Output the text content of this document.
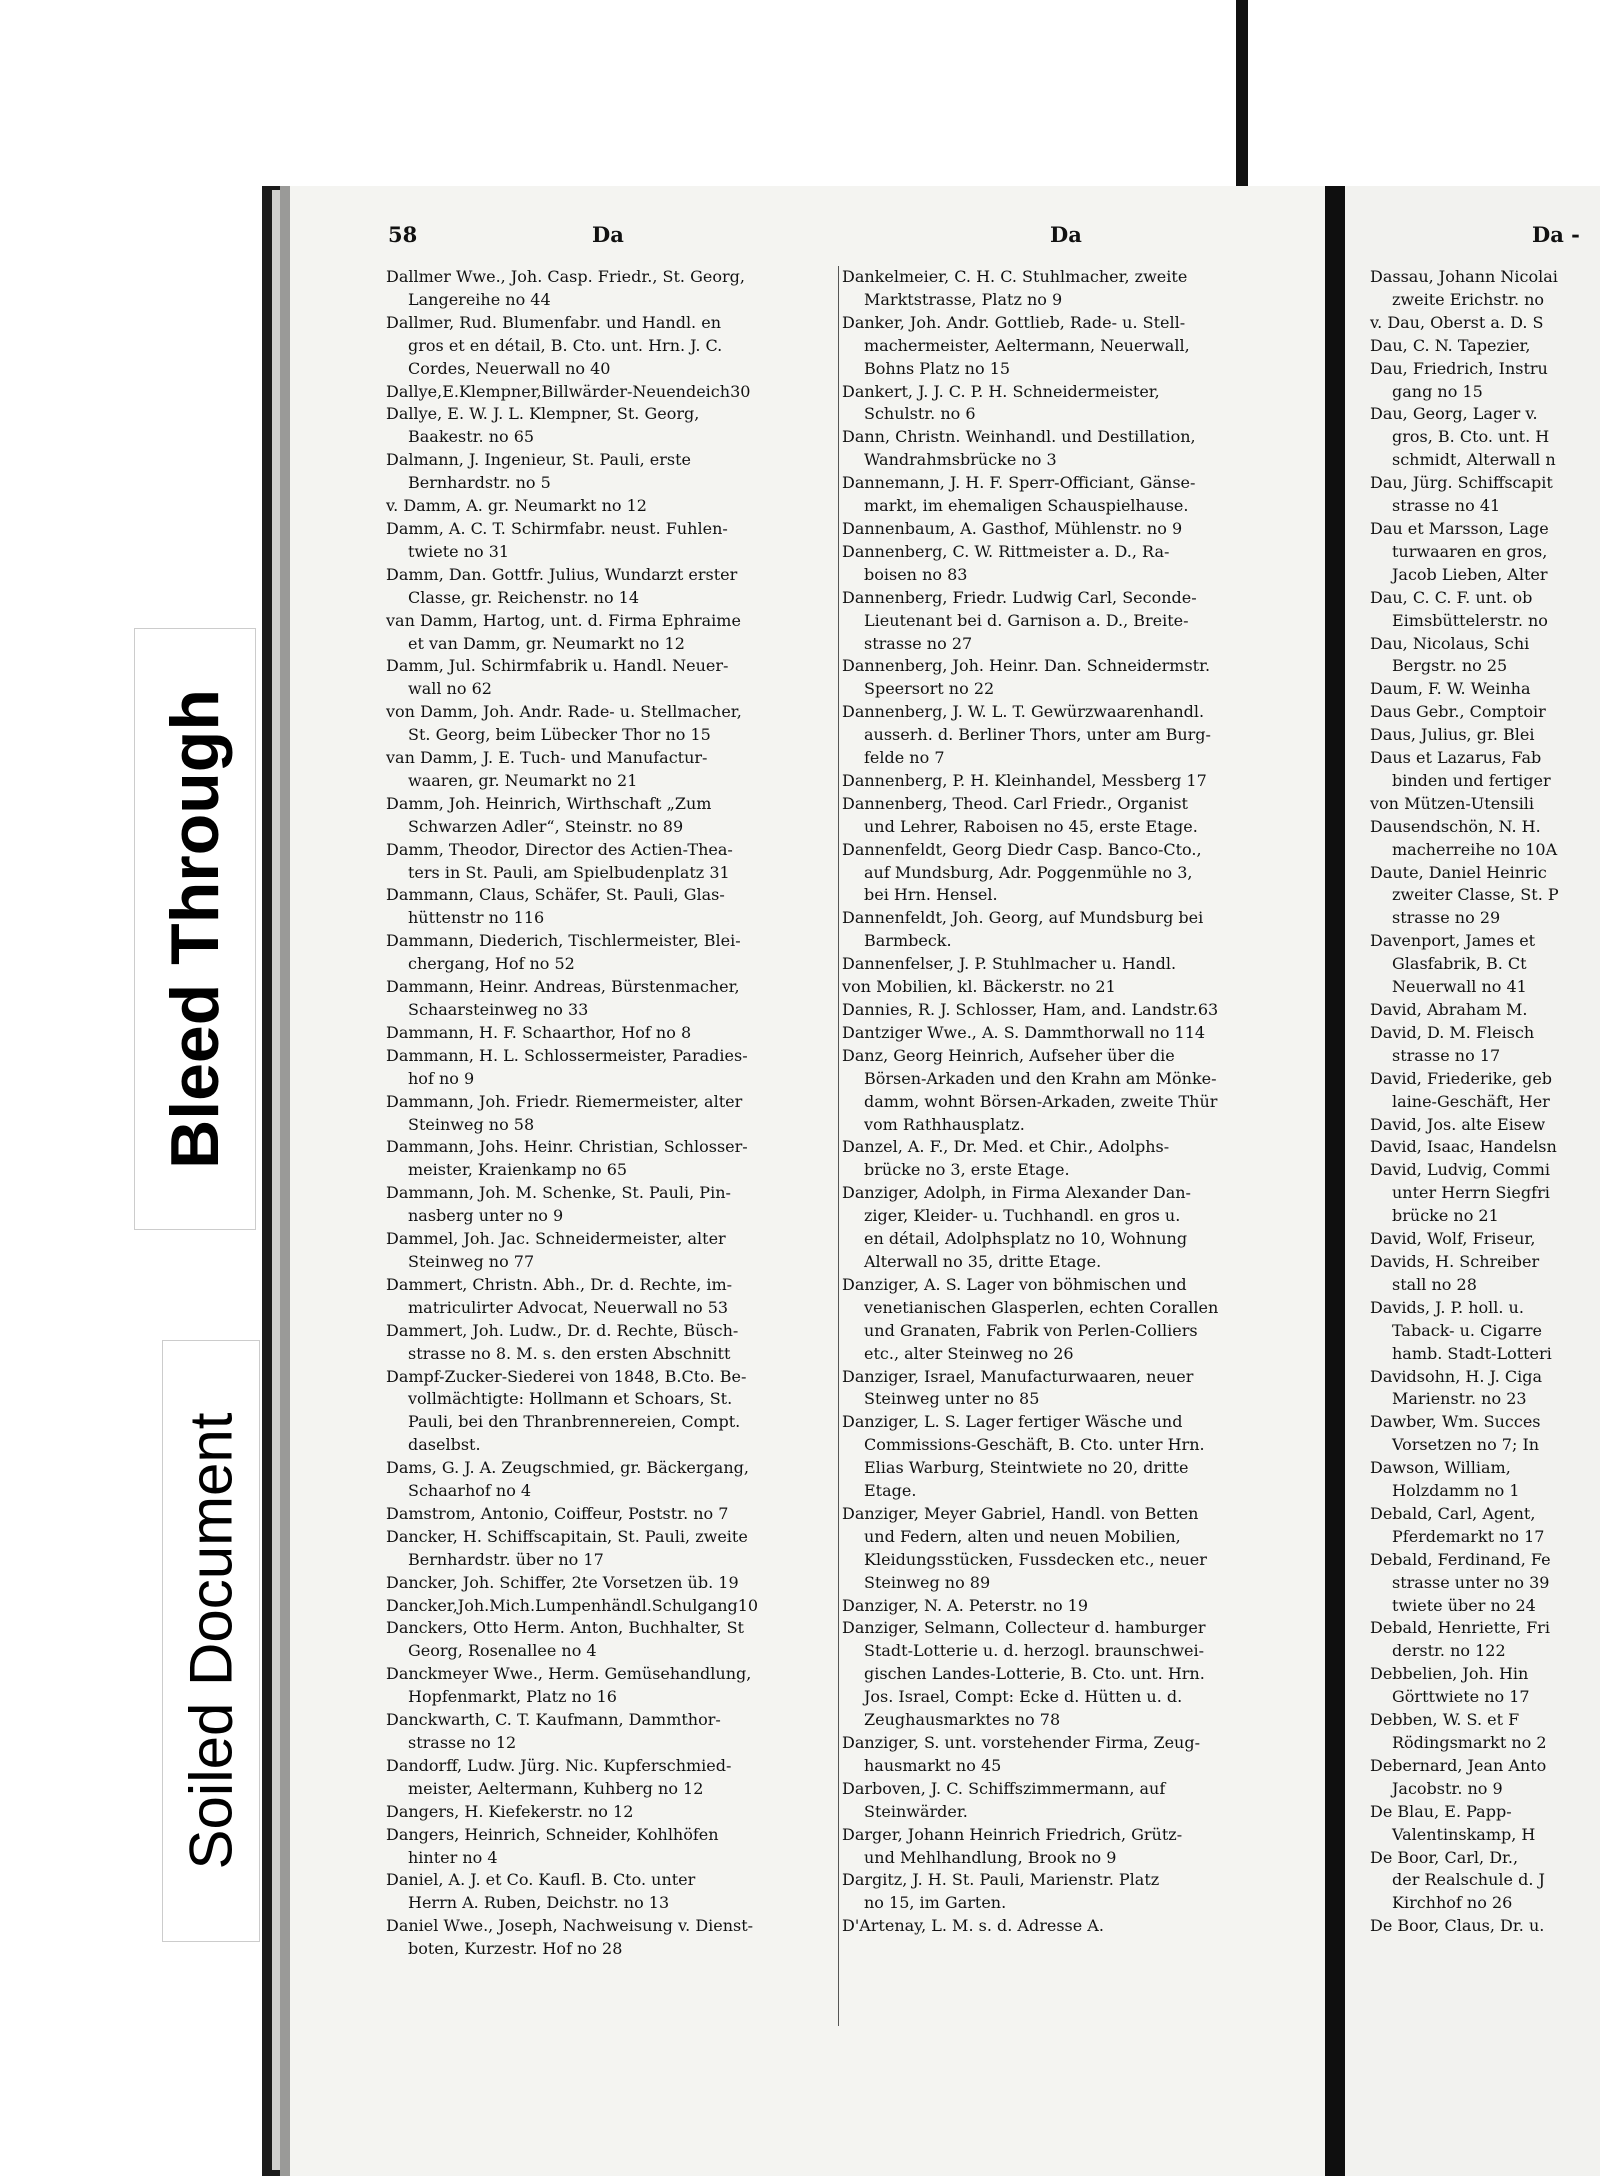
Bleed Through
Soiled Document
58	Da	Da	Da -
Dallmer Wwe., Joh. Casp. Friedr., St. Georg,
Langereihe no 44
Dallmer, Rud. Blumenfabr. und Handl. en
gros et en détail, B. Cto. unt. Hrn. J. C.
Cordes, Neuerwall no 40
Dallye,E.Klempner,Billwärder-Neuendeich30
Dallye, E. W. J. L. Klempner, St. Georg,
Baakestr. no 65
Dalmann, J. Ingenieur, St. Pauli, erste
Bernhardstr. no 5
v. Damm, A. gr. Neumarkt no 12
Damm, A. C. T. Schirmfabr. neust. Fuhlen-
twiete no 31
Damm, Dan. Gottfr. Julius, Wundarzt erster
Classe, gr. Reichenstr. no 14
van Damm, Hartog, unt. d. Firma Ephraime
et van Damm, gr. Neumarkt no 12
Damm, Jul. Schirmfabrik u. Handl. Neuer-
wall no 62
von Damm, Joh. Andr. Rade- u. Stellmacher,
St. Georg, beim Lübecker Thor no 15
van Damm, J. E. Tuch- und Manufactur-
waaren, gr. Neumarkt no 21
Damm, Joh. Heinrich, Wirthschaft „Zum
Schwarzen Adler“, Steinstr. no 89
Damm, Theodor, Director des Actien-Thea-
ters in St. Pauli, am Spielbudenplatz 31
Dammann, Claus, Schäfer, St. Pauli, Glas-
hüttenstr no 116
Dammann, Diederich, Tischlermeister, Blei-
chergang, Hof no 52
Dammann, Heinr. Andreas, Bürstenmacher,
Schaarsteinweg no 33
Dammann, H. F. Schaarthor, Hof no 8
Dammann, H. L. Schlossermeister, Paradies-
hof no 9
Dammann, Joh. Friedr. Riemermeister, alter
Steinweg no 58
Dammann, Johs. Heinr. Christian, Schlosser-
meister, Kraienkamp no 65
Dammann, Joh. M. Schenke, St. Pauli, Pin-
nasberg unter no 9
Dammel, Joh. Jac. Schneidermeister, alter
Steinweg no 77
Dammert, Christn. Abh., Dr. d. Rechte, im-
matriculirter Advocat, Neuerwall no 53
Dammert, Joh. Ludw., Dr. d. Rechte, Büsch-
strasse no 8. M. s. den ersten Abschnitt
Dampf-Zucker-Siederei von 1848, B.Cto. Be-
vollmächtigte: Hollmann et Schoars, St.
Pauli, bei den Thranbrennereien, Compt.
daselbst.
Dams, G. J. A. Zeugschmied, gr. Bäckergang,
Schaarhof no 4
Damstrom, Antonio, Coiffeur, Poststr. no 7
Dancker, H. Schiffscapitain, St. Pauli, zweite
Bernhardstr. über no 17
Dancker, Joh. Schiffer, 2te Vorsetzen üb. 19
Dancker,Joh.Mich.Lumpenhändl.Schulgang10
Danckers, Otto Herm. Anton, Buchhalter, St
Georg, Rosenallee no 4
Danckmeyer Wwe., Herm. Gemüsehandlung,
Hopfenmarkt, Platz no 16
Danckwarth, C. T. Kaufmann, Dammthor-
strasse no 12
Dandorff, Ludw. Jürg. Nic. Kupferschmied-
meister, Aeltermann, Kuhberg no 12
Dangers, H. Kiefekerstr. no 12
Dangers, Heinrich, Schneider, Kohlhöfen
hinter no 4
Daniel, A. J. et Co. Kaufl. B. Cto. unter
Herrn A. Ruben, Deichstr. no 13
Daniel Wwe., Joseph, Nachweisung v. Dienst-
boten, Kurzestr. Hof no 28
Dankelmeier, C. H. C. Stuhlmacher, zweite
Marktstrasse, Platz no 9
Danker, Joh. Andr. Gottlieb, Rade- u. Stell-
machermeister, Aeltermann, Neuerwall,
Bohns Platz no 15
Dankert, J. J. C. P. H. Schneidermeister,
Schulstr. no 6
Dann, Christn. Weinhandl. und Destillation,
Wandrahmsbrücke no 3
Dannemann, J. H. F. Sperr-Officiant, Gänse-
markt, im ehemaligen Schauspielhause.
Dannenbaum, A. Gasthof, Mühlenstr. no 9
Dannenberg, C. W. Rittmeister a. D., Ra-
boisen no 83
Dannenberg, Friedr. Ludwig Carl, Seconde-
Lieutenant bei d. Garnison a. D., Breite-
strasse no 27
Dannenberg, Joh. Heinr. Dan. Schneidermstr.
Speersort no 22
Dannenberg, J. W. L. T. Gewürzwaarenhandl.
ausserh. d. Berliner Thors, unter am Burg-
felde no 7
Dannenberg, P. H. Kleinhandel, Messberg 17
Dannenberg, Theod. Carl Friedr., Organist
und Lehrer, Raboisen no 45, erste Etage.
Dannenfeldt, Georg Diedr Casp. Banco-Cto.,
auf Mundsburg, Adr. Poggenmühle no 3,
bei Hrn. Hensel.
Dannenfeldt, Joh. Georg, auf Mundsburg bei
Barmbeck.
Dannenfelser, J. P. Stuhlmacher u. Handl.
von Mobilien, kl. Bäckerstr. no 21
Dannies, R. J. Schlosser, Ham, and. Landstr.63
Dantziger Wwe., A. S. Dammthorwall no 114
Danz, Georg Heinrich, Aufseher über die
Börsen-Arkaden und den Krahn am Mönke-
damm, wohnt Börsen-Arkaden, zweite Thür
vom Rathhausplatz.
Danzel, A. F., Dr. Med. et Chir., Adolphs-
brücke no 3, erste Etage.
Danziger, Adolph, in Firma Alexander Dan-
ziger, Kleider- u. Tuchhandl. en gros u.
en détail, Adolphsplatz no 10, Wohnung
Alterwall no 35, dritte Etage.
Danziger, A. S. Lager von böhmischen und
venetianischen Glasperlen, echten Corallen
und Granaten, Fabrik von Perlen-Colliers
etc., alter Steinweg no 26
Danziger, Israel, Manufacturwaaren, neuer
Steinweg unter no 85
Danziger, L. S. Lager fertiger Wäsche und
Commissions-Geschäft, B. Cto. unter Hrn.
Elias Warburg, Steintwiete no 20, dritte
Etage.
Danziger, Meyer Gabriel, Handl. von Betten
und Federn, alten und neuen Mobilien,
Kleidungsstücken, Fussdecken etc., neuer
Steinweg no 89
Danziger, N. A. Peterstr. no 19
Danziger, Selmann, Collecteur d. hamburger
Stadt-Lotterie u. d. herzogl. braunschwei-
gischen Landes-Lotterie, B. Cto. unt. Hrn.
Jos. Israel, Compt: Ecke d. Hütten u. d.
Zeughausmarktes no 78
Danziger, S. unt. vorstehender Firma, Zeug-
hausmarkt no 45
Darboven, J. C. Schiffszimmermann, auf
Steinwärder.
Darger, Johann Heinrich Friedrich, Grütz-
und Mehlhandlung, Brook no 9
Dargitz, J. H. St. Pauli, Marienstr. Platz
no 15, im Garten.
D'Artenay, L. M. s. d. Adresse A.
Dassau, Johann Nicolai
zweite Erichstr. no
v. Dau, Oberst a. D. S
Dau, C. N. Tapezier,
Dau, Friedrich, Instru
gang no 15
Dau, Georg, Lager v.
gros, B. Cto. unt. H
schmidt, Alterwall n
Dau, Jürg. Schiffscapit
strasse no 41
Dau et Marsson, Lage
turwaaren en gros,
Jacob Lieben, Alter
Dau, C. C. F. unt. ob
Eimsbüttelerstr. no
Dau, Nicolaus, Schi
Bergstr. no 25
Daum, F. W. Weinha
Daus Gebr., Comptoir
Daus, Julius, gr. Blei
Daus et Lazarus, Fab
binden und fertiger
von Mützen-Utensili
Dausendschön, N. H.
macherreihe no 10A
Daute, Daniel Heinric
zweiter Classe, St. P
strasse no 29
Davenport, James et
Glasfabrik, B. Ct
Neuerwall no 41
David, Abraham M.
David, D. M. Fleisch
strasse no 17
David, Friederike, geb
laine-Geschäft, Her
David, Jos. alte Eisew
David, Isaac, Handelsn
David, Ludvig, Commi
unter Herrn Siegfri
brücke no 21
David, Wolf, Friseur,
Davids, H. Schreiber
stall no 28
Davids, J. P. holl. u.
Taback- u. Cigarre
hamb. Stadt-Lotteri
Davidsohn, H. J. Ciga
Marienstr. no 23
Dawber, Wm. Succes
Vorsetzen no 7; In
Dawson, William,
Holzdamm no 1
Debald, Carl, Agent,
Pferdemarkt no 17
Debald, Ferdinand, Fe
strasse unter no 39
twiete über no 24
Debald, Henriette, Fri
derstr. no 122
Debbelien, Joh. Hin
Görttwiete no 17
Debben, W. S. et F
Rödingsmarkt no 2
Debernard, Jean Anto
Jacobstr. no 9
De Blau, E. Papp-
Valentinskamp, H
De Boor, Carl, Dr.,
der Realschule d. J
Kirchhof no 26
De Boor, Claus, Dr. u.
